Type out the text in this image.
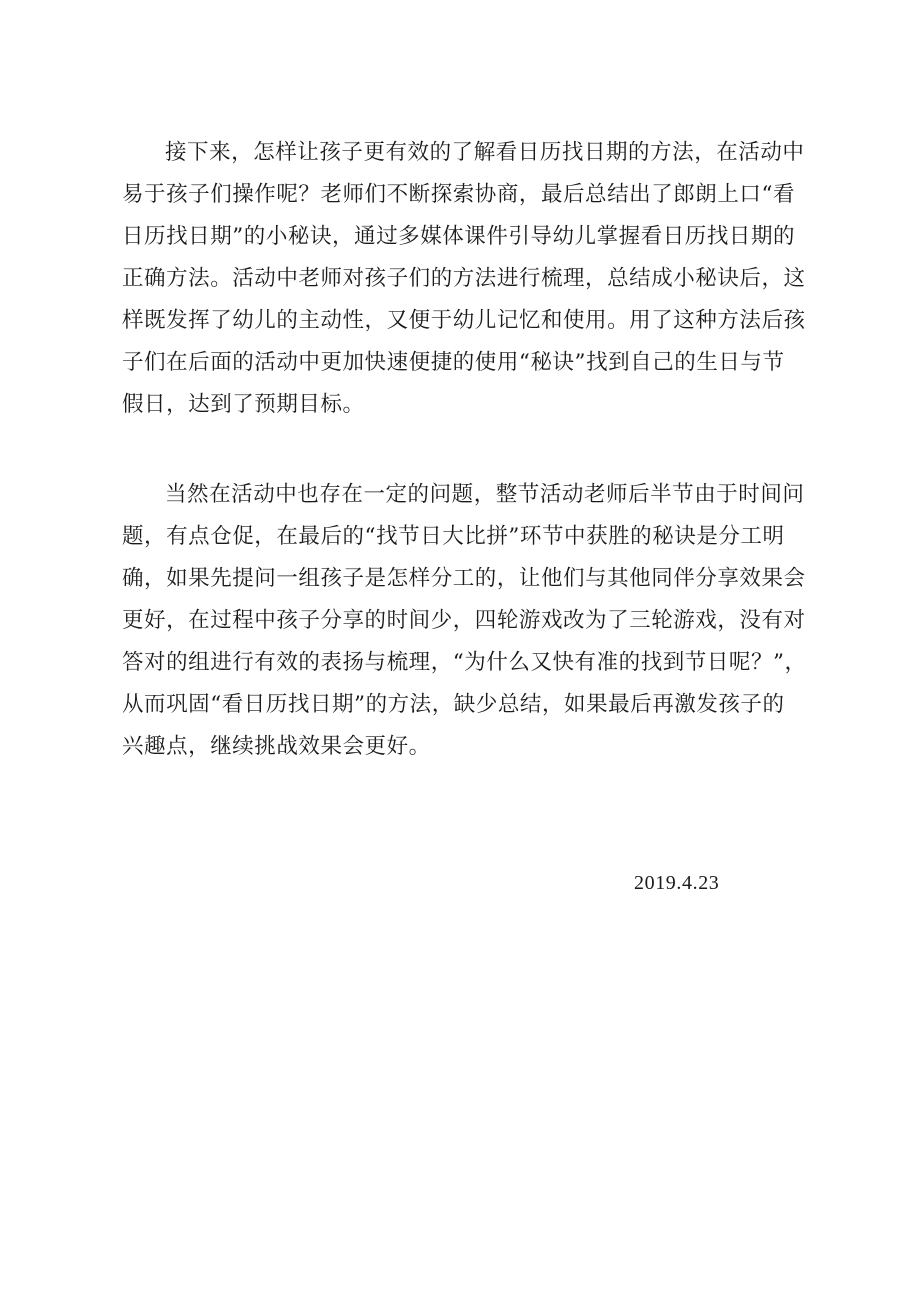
接下来，怎样让孩子更有效的了解看日历找日期的方法，在活动中
易于孩子们操作呢？老师们不断探索协商，最后总结出了郎朗上口“看
日历找日期”的小秘诀，通过多媒体课件引导幼儿掌握看日历找日期的
正确方法。活动中老师对孩子们的方法进行梳理，总结成小秘诀后，这
样既发挥了幼儿的主动性，又便于幼儿记忆和使用。用了这种方法后孩
子们在后面的活动中更加快速便捷的使用“秘诀”找到自己的生日与节
假日，达到了预期目标。
当然在活动中也存在一定的问题，整节活动老师后半节由于时间问
题，有点仓促，在最后的“找节日大比拼”环节中获胜的秘诀是分工明
确，如果先提问一组孩子是怎样分工的，让他们与其他同伴分享效果会
更好，在过程中孩子分享的时间少，四轮游戏改为了三轮游戏，没有对
答对的组进行有效的表扬与梳理，“为什么又快有准的找到节日呢？”，
从而巩固“看日历找日期”的方法，缺少总结，如果最后再激发孩子的
兴趣点，继续挑战效果会更好。
2019.4.23
